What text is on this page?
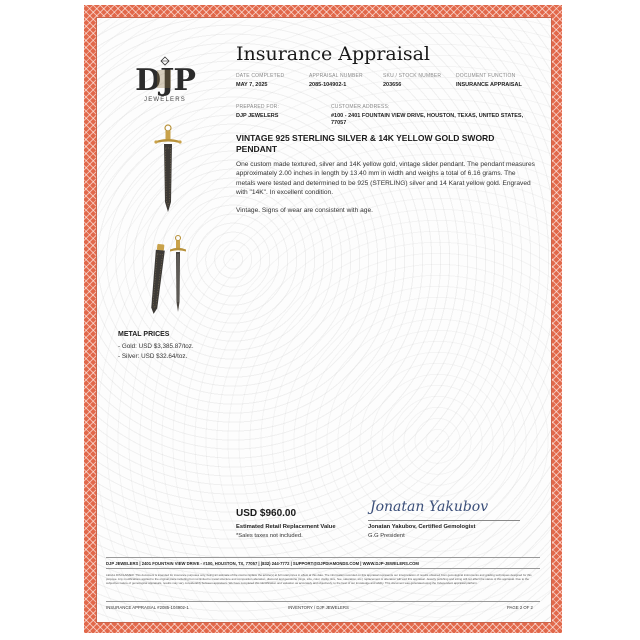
DJP
JEWELERS
Insurance Appraisal
DATE COMPLETED
MAY 7, 2025
APPRAISAL NUMBER
2085-104902-1
SKU / STOCK NUMBER
203656
DOCUMENT FUNCTION
INSURANCE APPRAISAL
PREPARED FOR:
DJP JEWELERS
CUSTOMER ADDRESS:
#100 - 2401 FOUNTAIN VIEW DRIVE, HOUSTON, TEXAS, UNITED STATES, 77057
VINTAGE 925 STERLING SILVER & 14K YELLOW GOLD SWORD PENDANT
One custom made textured, silver and 14K yellow gold, vintage slider pendant. The pendant measures approximately 2.00 inches in length by 13.40 mm in width and weighs a total of 6.16 grams. The metals were tested and determined to be 925 (STERLING) silver and 14 Karat yellow gold. Engraved with "14K". In excellent condition.
Vintage. Signs of wear are consistent with age.
METAL PRICES
- Gold: USD $3,385.87/toz.
- Silver: USD $32.64/toz.
USD $960.00
Estimated Retail Replacement Value
*Sales taxes not included.
Jonatan Yakubov
Jonatan Yakubov, Certified Gemologist
G.G President
DJP JEWELERS | 2401 FOUNTAIN VIEW DRIVE - #100, HOUSTON, TX, 77057 | (832) 244-7772 | SUPPORT@DJPDIAMONDS.COM | WWW.DJP-JEWELERS.COM
LEGAL DISCLAIMER: This document is intended for insurance purposes only, being an estimate of the cost to replace the article(s) at full retail prices in effect at this date. The information recorded on this appraisal represents our interpretation of results obtained from gemological instruments and grading techniques designed for this purpose. Any modifications applied to the original piece including but not limited to metal structure and composition alteration, diamond and gemstone (rings, size, color, clarity, size, hue, saturation, etc.) replacement or alteration will void this appraisal. Jewelry polishing and sizing will not affect the status of this appraisal. Due to the subjective nature of gemological appraisals, results may vary considerably between appraisers. We have completed this identification and valuation as accurately and objectively, to the best of our knowledge and ability. This document was generated using the Independent appraisal platform.
INSURANCE APPRAISAL #2085-104902-1	INVENTORY / DJP JEWELERS	PAGE 2 OF 2
